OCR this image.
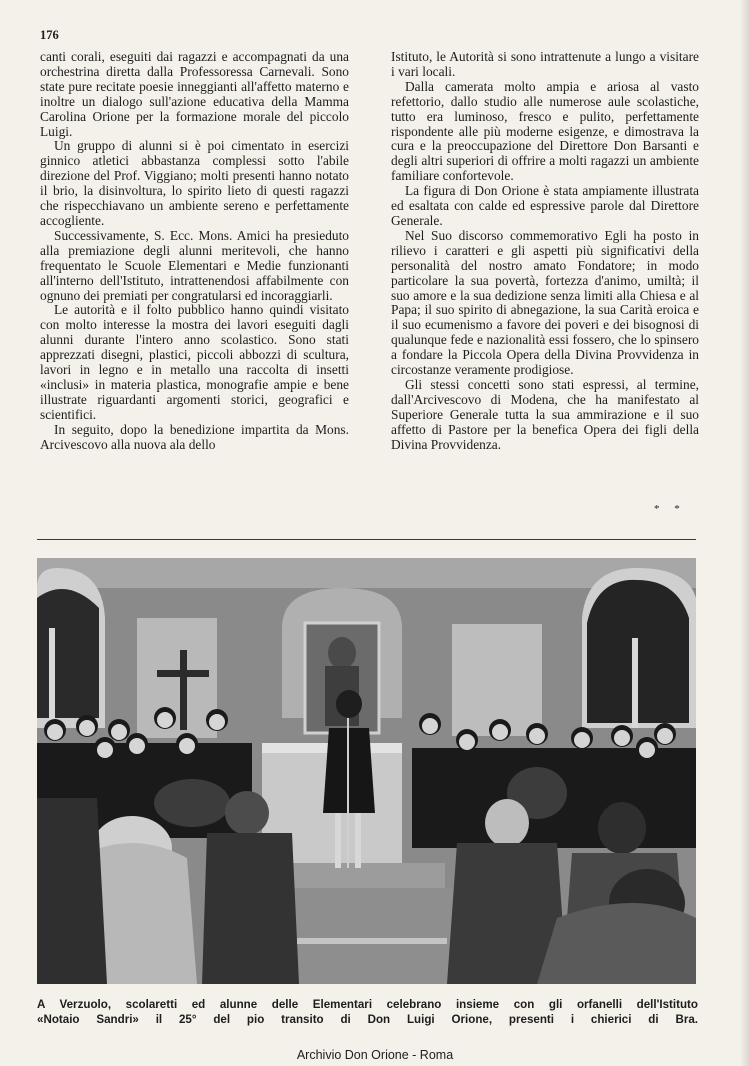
176

canti corali, eseguiti dai ragazzi e accompagnati da una orchestrina diretta dalla Professoressa Carnevali. Sono state pure recitate poesie inneggianti all'affetto materno e inoltre un dialogo sull'azione educativa della Mamma Carolina Orione per la formazione morale del piccolo Luigi.

Un gruppo di alunni si è poi cimentato in esercizi ginnico atletici abbastanza complessi sotto l'abile direzione del Prof. Viggiano; molti presenti hanno notato il brio, la disinvoltura, lo spirito lieto di questi ragazzi che rispecchiavano un ambiente sereno e perfettamente accogliente.

Successivamente, S. Ecc. Mons. Amici ha presieduto alla premiazione degli alunni meritevoli, che hanno frequentato le Scuole Elementari e Medie funzionanti all'interno dell'Istituto, intrattenendosi affabilmente con ognuno dei premiati per congratularsi ed incoraggiarli.

Le autorità e il folto pubblico hanno quindi visitato con molto interesse la mostra dei lavori eseguiti dagli alunni durante l'intero anno scolastico. Sono stati apprezzati disegni, plastici, piccoli abbozzi di scultura, lavori in legno e in metallo una raccolta di insetti «inclusi» in materia plastica, monografie ampie e bene illustrate riguardanti argomenti storici, geografici e scientifici.

In seguito, dopo la benedizione impartita da Mons. Arcivescovo alla nuova ala dello

Istituto, le Autorità si sono intrattenute a lungo a visitare i vari locali.

Dalla camerata molto ampia e ariosa al vasto refettorio, dallo studio alle numerose aule scolastiche, tutto era luminoso, fresco e pulito, perfettamente rispondente alle più moderne esigenze, e dimostrava la cura e la preoccupazione del Direttore Don Barsanti e degli altri superiori di offrire a molti ragazzi un ambiente familiare confortevole.

La figura di Don Orione è stata ampiamente illustrata ed esaltata con calde ed espressive parole dal Direttore Generale.

Nel Suo discorso commemorativo Egli ha posto in rilievo i caratteri e gli aspetti più significativi della personalità del nostro amato Fondatore; in modo particolare la sua povertà, fortezza d'animo, umiltà; il suo amore e la sua dedizione senza limiti alla Chiesa e al Papa; il suo spirito di abnegazione, la sua Carità eroica e il suo ecumenismo a favore dei poveri e dei bisognosi di qualunque fede e nazionalità essi fossero, che lo spinsero a fondare la Piccola Opera della Divina Provvidenza in circostanze veramente prodigiose.

Gli stessi concetti sono stati espressi, al termine, dall'Arcivescovo di Modena, che ha manifestato al Superiore Generale tutta la sua ammirazione e il suo affetto di Pastore per la benefica Opera dei figli della Divina Provvidenza.

* *
A Verzuolo, scolaretti ed alunne delle Elementari celebrano insieme con gli orfanelli dell'Istituto
«Notaio Sandri» il 25° del pio transito di Don Luigi Orione, presenti i chierici di Bra.
Archivio Don Orione - Roma
